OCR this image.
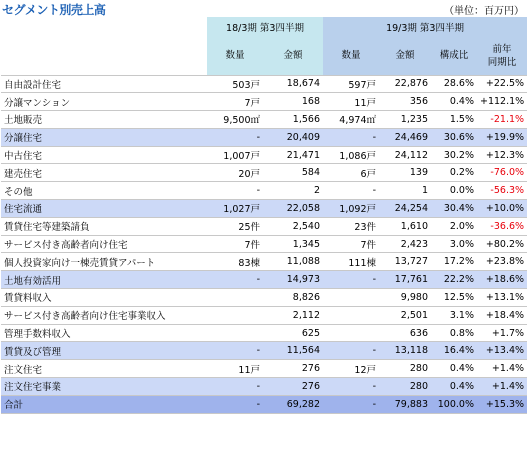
セグメント別売上高	（単位：百万円）
	18/3期 第3四半期		19/3期 第3四半期			
	数量	金額	数量	金額	構成比	前年
同期比
自由設計住宅	503戸	18,674	597戸	22,876	28.6%	+22.5%
分譲マンション	7戸	168	11戸	356	0.4%	+112.1%
土地販売	9,500㎡	1,566	4,974㎡	1,235	1.5%	-21.1%
分譲住宅	-	20,409	-	24,469	30.6%	+19.9%
中古住宅	1,007戸	21,471	1,086戸	24,112	30.2%	+12.3%
建売住宅	20戸	584	6戸	139	0.2%	-76.0%
その他	-	2	-	1	0.0%	-56.3%
住宅流通	1,027戸	22,058	1,092戸	24,254	30.4%	+10.0%
賃貸住宅等建築請負	25件	2,540	23件	1,610	2.0%	-36.6%
サービス付き高齢者向け住宅	7件	1,345	7件	2,423	3.0%	+80.2%
個人投資家向け一棟売賃貸アパート	83棟	11,088	111棟	13,727	17.2%	+23.8%
土地有効活用	-	14,973	-	17,761	22.2%	+18.6%
賃貸料収入		8,826		9,980	12.5%	+13.1%
サービス付き高齢者向け住宅事業収入		2,112		2,501	3.1%	+18.4%
管理手数料収入		625		636	0.8%	+1.7%
賃貸及び管理	-	11,564	-	13,118	16.4%	+13.4%
注文住宅	11戸	276	12戸	280	0.4%	+1.4%
注文住宅事業	-	276	-	280	0.4%	+1.4%
合計	-	69,282	-	79,883	100.0%	+15.3%
